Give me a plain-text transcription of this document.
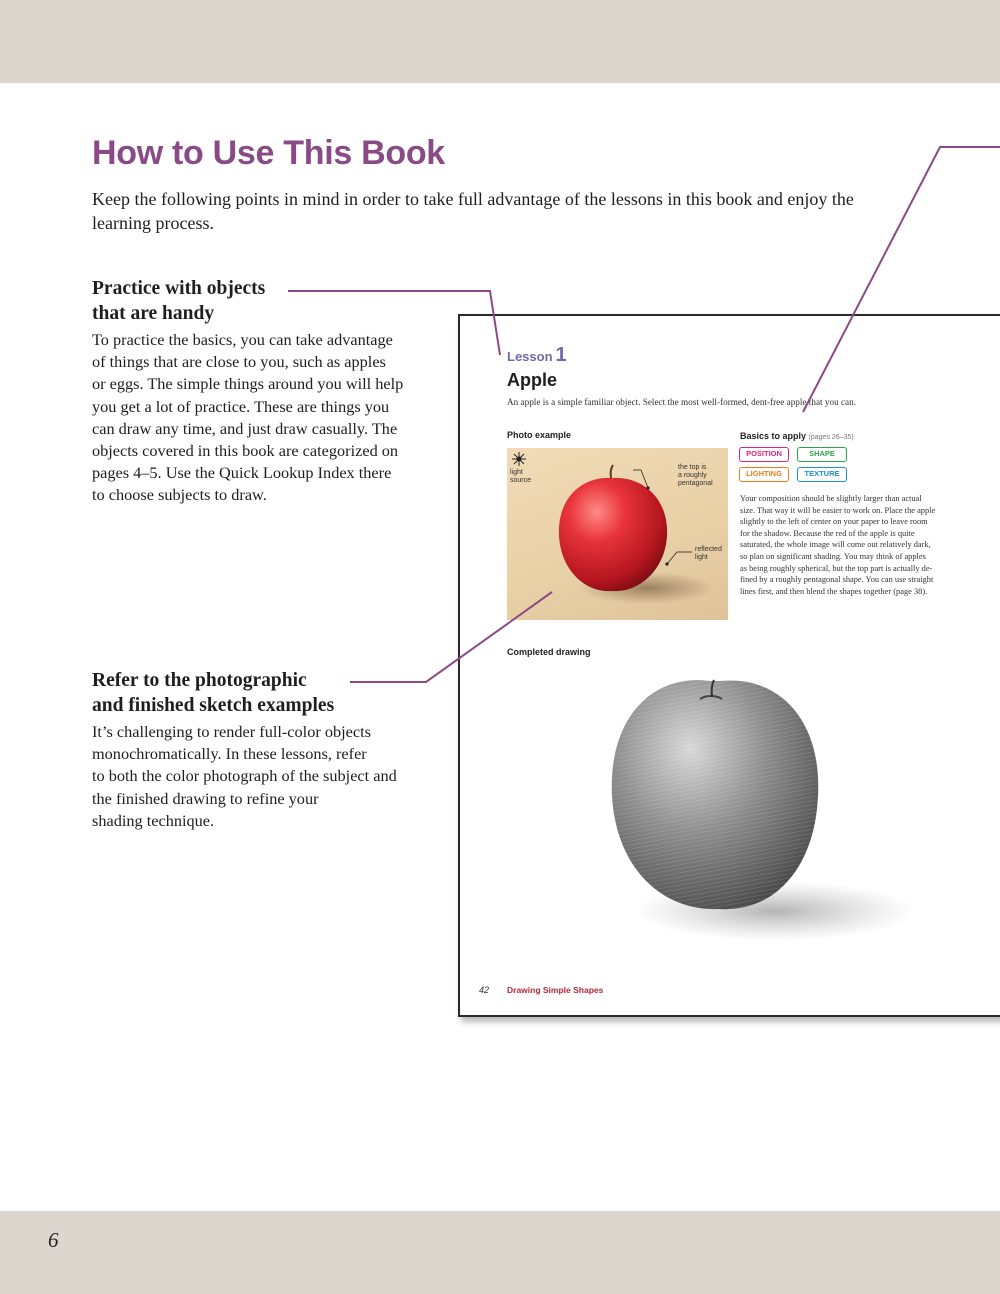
How to Use This Book

Keep the following points in mind in order to take full advantage of the lessons in this book and enjoy the learning process.

Practice with objects
that are handy
To practice the basics, you can take advantage
of things that are close to you, such as apples
or eggs. The simple things around you will help
you get a lot of practice. These are things you
can draw any time, and just draw casually. The
objects covered in this book are categorized on
pages 4–5. Use the Quick Lookup Index there
to choose subjects to draw.
Refer to the photographic
and finished sketch examples
It’s challenging to render full-color objects
monochromatically. In these lessons, refer
to both the color photograph of the subject and
the finished drawing to refine your
shading technique.
Lesson 1
Apple
An apple is a simple familiar object. Select the most well-formed, dent-free apple that you can.
Photo example
light
source
the top is
a roughly
pentagonal
reflected
light
Basics to apply (pages 26–35)
POSITION	SHAPE
LIGHTING	TEXTURE
Your composition should be slightly larger than actual
size. That way it will be easier to work on. Place the apple
slightly to the left of center on your paper to leave room
for the shadow. Because the red of the apple is quite
saturated, the whole image will come out relatively dark,
so plan on significant shading. You may think of apples
as being roughly spherical, but the top part is actually de-
fined by a roughly pentagonal shape. You can use straight
lines first, and then blend the shapes together (page 38).
Completed drawing
42 Drawing Simple Shapes
6
